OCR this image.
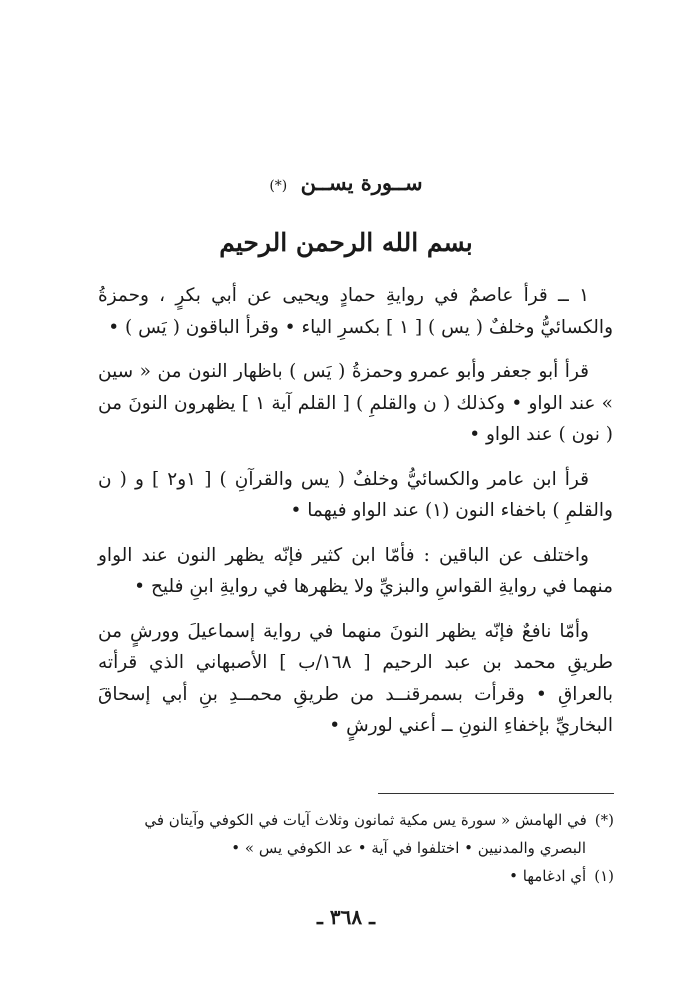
ســورة يســن (*)
بسم الله الرحمن الرحيم

١ ــ قرأ عاصمٌ في روايةِ حمادٍ ويحيى عن أبي بكرٍ ، وحمزةُ والكسائيُّ وخلفٌ ( يس ) [ ١ ] بكسرِ الياء • وقرأ الباقون ( يَس ) •

قرأ أبو جعفر وأبو عمرو وحمزةُ ( يَس ) باظهار النون من « سين » عند الواو • وكذلك ( ن والقلمِ ) [ القلم آية ١ ] يظهرون النونَ من ( نون ) عند الواو •

قرأ ابن عامر والكسائيُّ وخلفٌ ( يس والقرآنِ ) [ ١و٢ ] و ( ن والقلمِ ) باخفاء النون (١) عند الواو فيهما •

واختلف عن الباقين : فأمّا ابن كثير فإنّه يظهر النون عند الواو منهما في روايةِ القواسِ والبزيِّ ولا يظهرها في روايةِ ابنِ فليح •

وأمّا نافعٌ فإنّه يظهر النونَ منهما في رواية إسماعيلَ وورشٍ من طريقِ محمد بن عبد الرحيم [ ١٦٨/ب ] الأصبهاني الذي قرأته بالعراقِ • وقرأت بسمرقنــد من طريقِ محمــدِ بنِ أبي إسحاقَ البخاريِّ بإخفاءِ النونِ ــ أعني لورشٍ •

(*)في الهامش « سورة يس مكية ثمانون وثلاث آيات في الكوفي وآيتان في

البصري والمدنيين • اختلفوا في آية • عد الكوفي يس » •

(١)أي ادغامها •

ـ ٣٦٨ ـ
